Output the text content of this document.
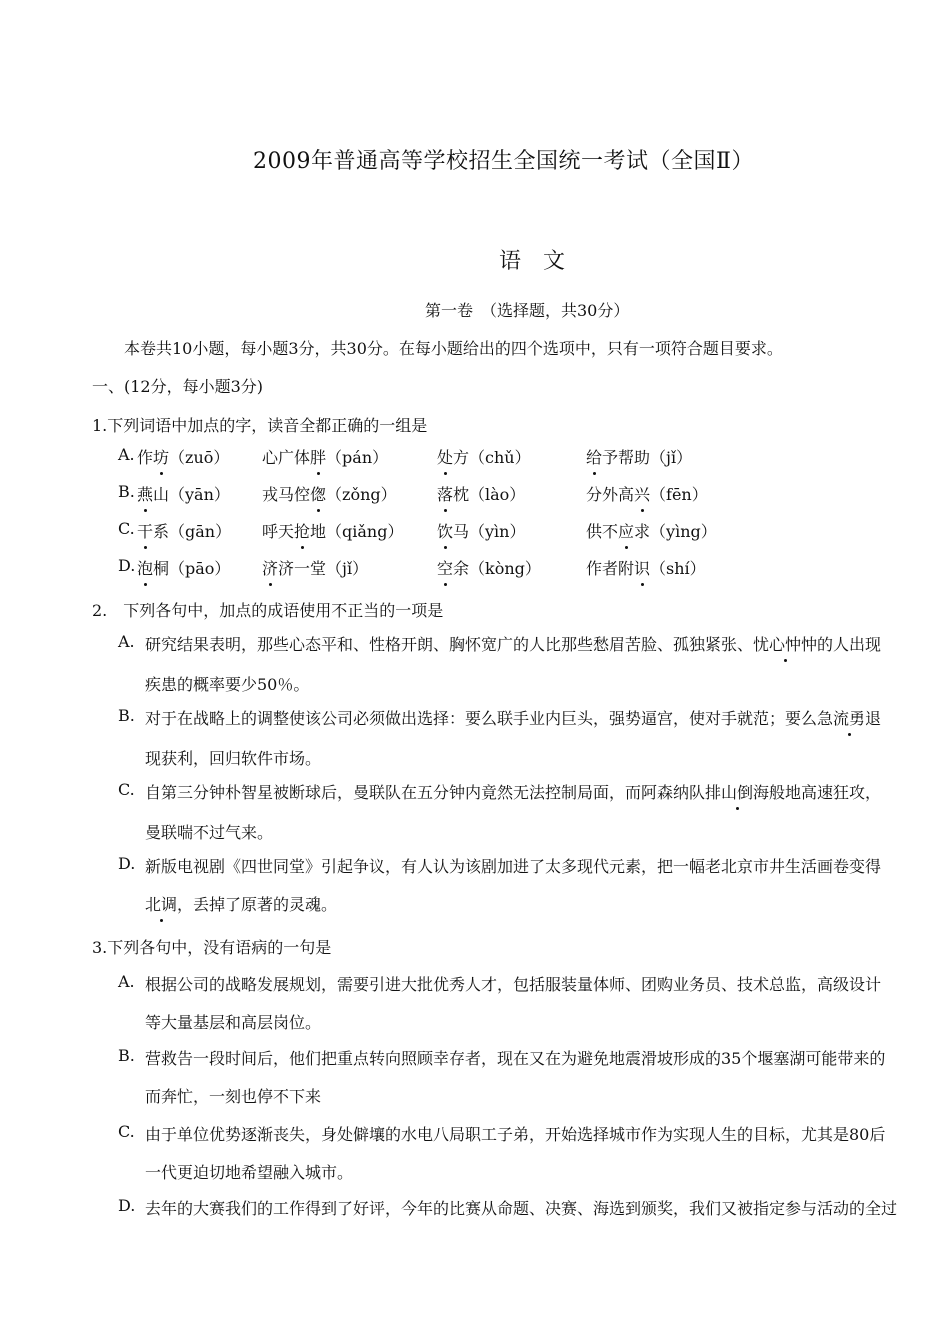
2009年普通高等学校招生全国统一考试（全国Ⅱ）
语　文
第一卷　（选择题，共30分）
本卷共10小题，每小题3分，共30分。在每小题给出的四个选项中，只有一项符合题目要求。
一、(12分，每小题3分)
1.下列词语中加点的字，读音全都正确的一组是
A. 作坊（zuō） 心广体胖（pán）	处方（chǔ）	给予帮助（jǐ）
B. 燕山（yān） 戎马倥偬（zǒng）	落枕（lào）	分外高兴（fēn）
C. 干系（gān） 呼天抢地（qiǎng） 饮马（yìn）	供不应求（yìng）
D. 泡桐（pāo） 济济一堂（jǐ）	空余（kòng）	作者附识（shí）
2.　下列各句中，加点的成语使用不正当的一项是
A. 研究结果表明，那些心态平和、性格开朗、胸怀宽广的人比那些愁眉苦脸、孤独紧张、忧心忡忡的人出现
疾患的概率要少50％。
B. 对于在战略上的调整使该公司必须做出选择：要么联手业内巨头，强势逼宫，使对手就范；要么急流勇退
现获利，回归软件市场。
C. 自第三分钟朴智星被断球后，曼联队在五分钟内竟然无法控制局面，而阿森纳队排山倒海般地高速狂攻，
曼联喘不过气来。
D. 新版电视剧《四世同堂》引起争议，有人认为该剧加进了太多现代元素，把一幅老北京市井生活画卷变得
北调，丢掉了原著的灵魂。
3.下列各句中，没有语病的一句是
A. 根据公司的战略发展规划，需要引进大批优秀人才，包括服装量体师、团购业务员、技术总监，高级设计
等大量基层和高层岗位。
B. 营救告一段时间后，他们把重点转向照顾幸存者，现在又在为避免地震滑坡形成的35个堰塞湖可能带来的
而奔忙，一刻也停不下来
C. 由于单位优势逐渐丧失，身处僻壤的水电八局职工子弟，开始选择城市作为实现人生的目标，尤其是80后
一代更迫切地希望融入城市。
D. 去年的大赛我们的工作得到了好评，今年的比赛从命题、决赛、海选到颁奖，我们又被指定参与活动的全过
